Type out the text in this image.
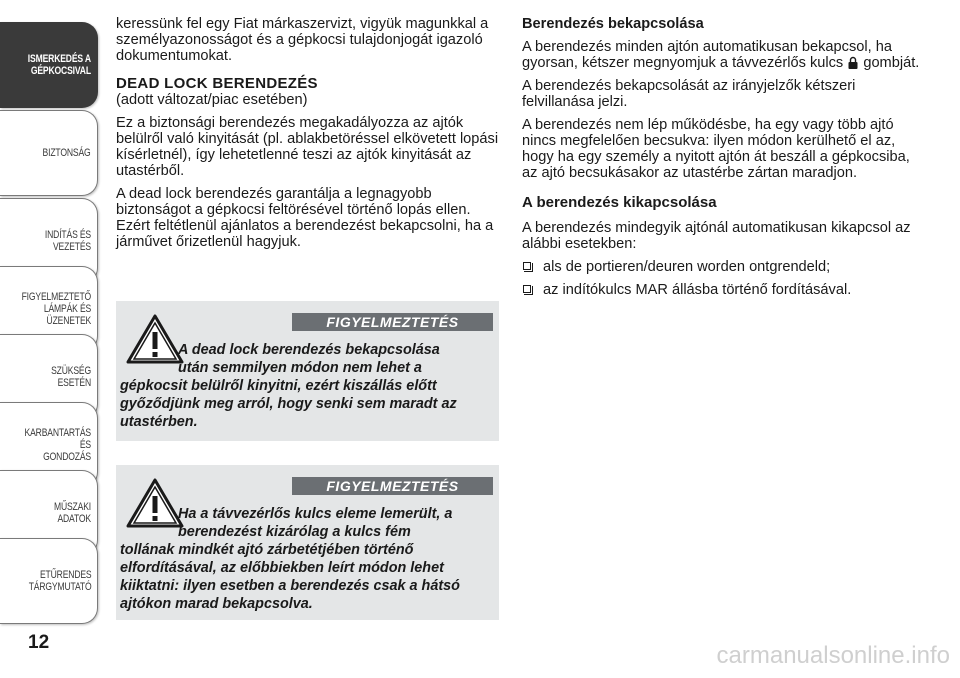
ISMERKEDÉS A
GÉPKOCSIVAL
BIZTONSÁG
INDÍTÁS ÉS VEZETÉS
FIGYELMEZTETŐ
LÁMPÁK ÉS
ÜZENETEK
SZÜKSÉG ESETÉN
KARBANTARTÁS ÉS
GONDOZÁS
MŰSZAKI ADATOK
ETŰRENDES
TÁRGYMUTATÓ
12

keressünk fel egy Fiat márkaszervizt, vigyük magunkkal a személyazonosságot és a gépkocsi tulajdonjogát igazoló dokumentumokat.

DEAD LOCK BERENDEZÉS

(adott változat/piac esetében)

Ez a biztonsági berendezés megakadályozza az ajtók belülről való kinyitását (pl. ablakbetöréssel elkövetett lopási kísérletnél), így lehetetlenné teszi az ajtók kinyitását az utastérből.

A dead lock berendezés garantálja a legnagyobb biztonságot a gépkocsi feltörésével történő lopás ellen. Ezért feltétlenül ajánlatos a berendezést bekapcsolni, ha a járművet őrizetlenül hagyjuk.

FIGYELMEZTETÉS
A dead lock berendezés bekapcsolása
után semmilyen módon nem lehet a
gépkocsit belülről kinyitni, ezért kiszállás előtt győződjünk meg arról, hogy senki sem maradt az utastérben.
FIGYELMEZTETÉS
Ha a távvezérlős kulcs eleme lemerült, a
berendezést kizárólag a kulcs fém
tollának mindkét ajtó zárbetétjében történő elfordításával, az előbbiekben leírt módon lehet kiiktatni: ilyen esetben a berendezés csak a hátsó ajtókon marad bekapcsolva.

Berendezés bekapcsolása

A berendezés minden ajtón automatikusan bekapcsol, ha gyorsan, kétszer megnyomjuk a távvezérlős kulcs gombját.

A berendezés bekapcsolását az irányjelzők kétszeri felvillanása jelzi.

A berendezés nem lép működésbe, ha egy vagy több ajtó nincs megfelelően becsukva: ilyen módon kerülhető el az, hogy ha egy személy a nyitott ajtón át beszáll a gépkocsiba, az ajtó becsukásakor az utastérbe zártan maradjon.

A berendezés kikapcsolása

A berendezés mindegyik ajtónál automatikusan kikapcsol az alábbi esetekben:

als de portieren/deuren worden ontgrendeld;
az indítókulcs MAR állásba történő fordításával.
carmanualsonline.info
